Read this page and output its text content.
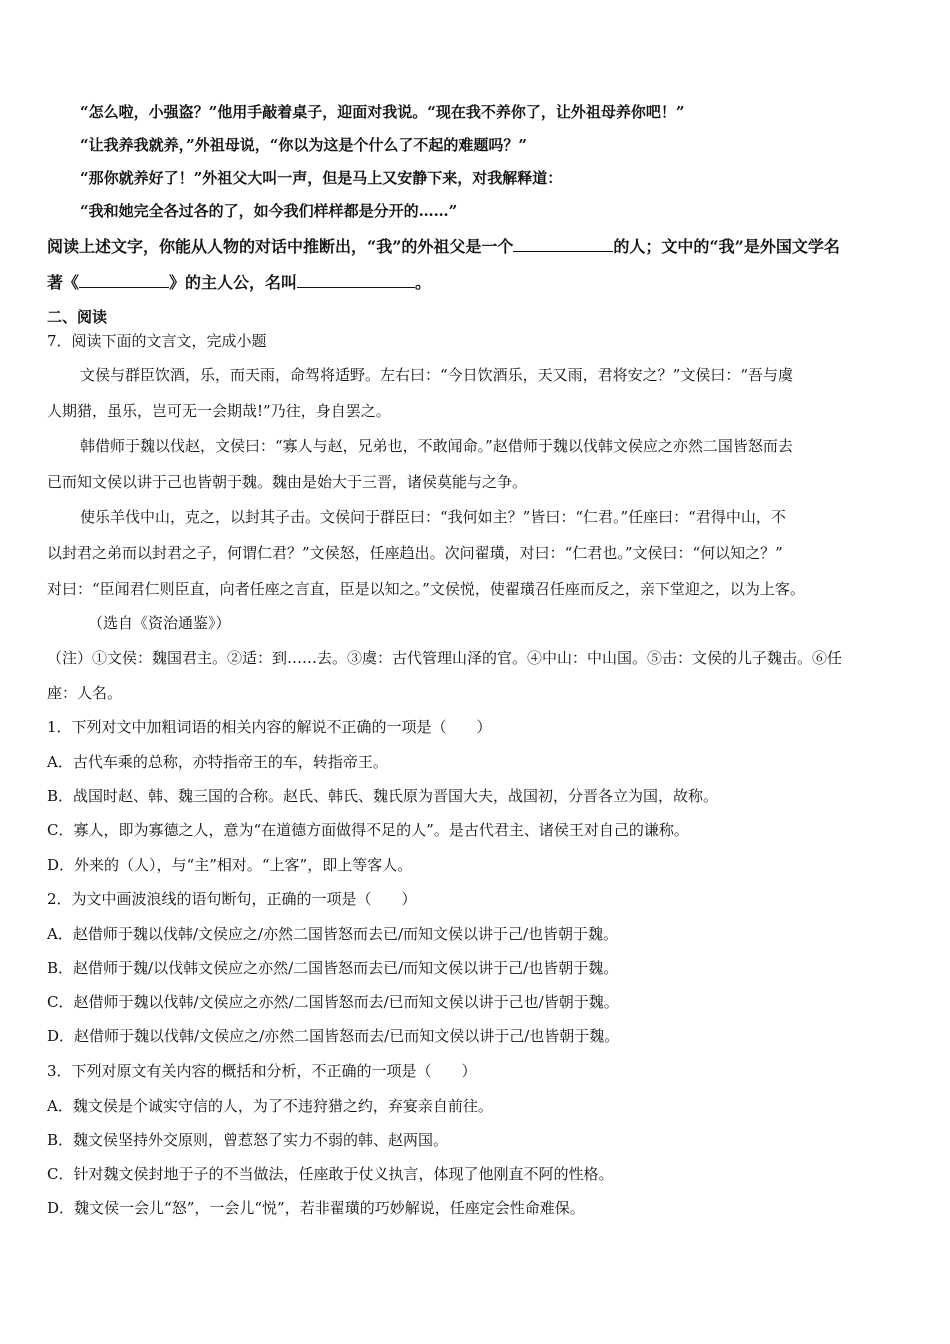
“怎么啦，小强盗？”他用手敲着桌子，迎面对我说。“现在我不养你了，让外祖母养你吧！”
“让我养我就养，”外祖母说，“你以为这是个什么了不起的难题吗？”
“那你就养好了！”外祖父大叫一声，但是马上又安静下来，对我解释道：
“我和她完全各过各的了，如今我们样样都是分开的……”
阅读上述文字，你能从人物的对话中推断出，“我”的外祖父是一个	的人；文中的“我”是外国文学名
著《	》的主人公，名叫	。
二、阅读
7．阅读下面的文言文，完成小题
文侯与群臣饮酒，乐，而天雨，命驾将适野。左右曰：“今日饮酒乐，天又雨，君将安之？”文侯曰：“吾与虞
人期猎，虽乐，岂可无一会期哉!”乃往，身自罢之。
韩借师于魏以伐赵，文侯曰：“寡人与赵，兄弟也，不敢闻命。”赵借师于魏以伐韩文侯应之亦然二国皆怒而去
已而知文侯以讲于己也皆朝于魏。魏由是始大于三晋，诸侯莫能与之争。
使乐羊伐中山，克之，以封其子击。文侯问于群臣曰：“我何如主？”皆曰：“仁君。”任座曰：“君得中山，不
以封君之弟而以封君之子，何谓仁君？”文侯怒，任座趋出。次问翟璜，对曰：“仁君也。”文侯曰：“何以知之？”
对曰：“臣闻君仁则臣直，向者任座之言直，臣是以知之。”文侯悦，使翟璜召任座而反之，亲下堂迎之，以为上客。
（选自《资治通鉴》）
（注）①文侯：魏国君主。②适：到……去。③虞：古代管理山泽的官。④中山：中山国。⑤击：文侯的儿子魏击。⑥任
座：人名。
1．下列对文中加粗词语的相关内容的解说不正确的一项是（　　）
A．古代车乘的总称，亦特指帝王的车，转指帝王。
B．战国时赵、韩、魏三国的合称。赵氏、韩氏、魏氏原为晋国大夫，战国初，分晋各立为国，故称。
C．寡人，即为寡德之人，意为“在道德方面做得不足的人”。是古代君主、诸侯王对自己的谦称。
D．外来的（人），与“主”相对。“上客”，即上等客人。
2．为文中画波浪线的语句断句，正确的一项是（　　）
A．赵借师于魏以伐韩/文侯应之/亦然二国皆怒而去已/而知文侯以讲于己/也皆朝于魏。
B．赵借师于魏/以伐韩文侯应之亦然/二国皆怒而去已/而知文侯以讲于己/也皆朝于魏。
C．赵借师于魏以伐韩/文侯应之亦然/二国皆怒而去/已而知文侯以讲于己也/皆朝于魏。
D．赵借师于魏以伐韩/文侯应之/亦然二国皆怒而去/已而知文侯以讲于己/也皆朝于魏。
3．下列对原文有关内容的概括和分析，不正确的一项是（　　）
A．魏文侯是个诚实守信的人，为了不违狩猎之约，弃宴亲自前往。
B．魏文侯坚持外交原则，曾惹怒了实力不弱的韩、赵两国。
C．针对魏文侯封地于子的不当做法，任座敢于仗义执言，体现了他刚直不阿的性格。
D．魏文侯一会儿“怒”，一会儿“悦”，若非翟璜的巧妙解说，任座定会性命难保。
